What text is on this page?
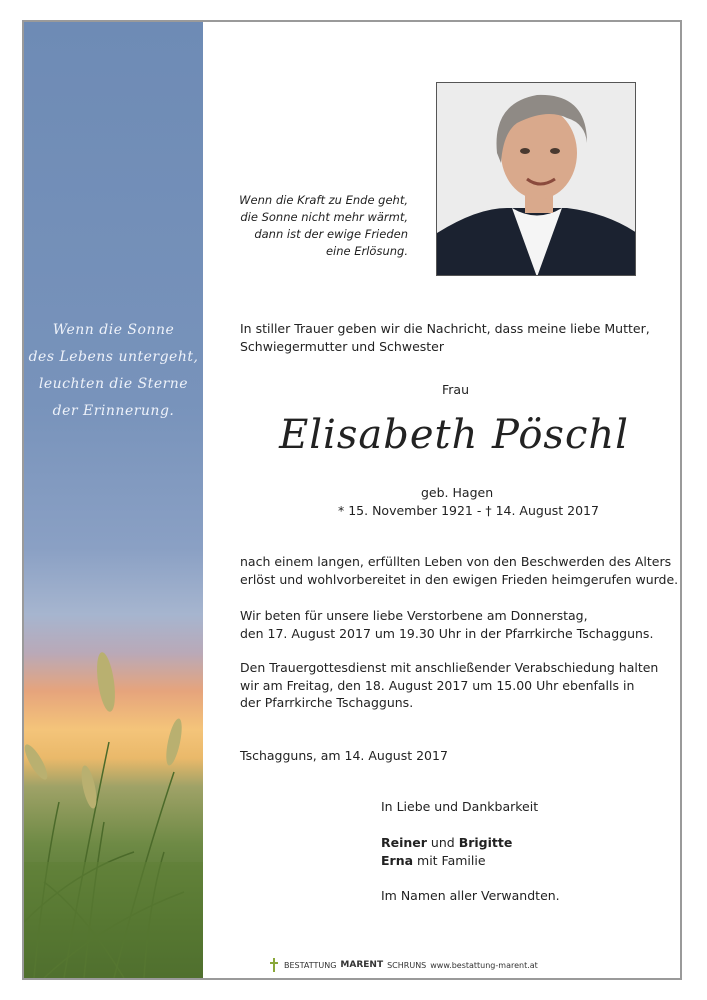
Wenn die Sonne
des Lebens untergeht,
leuchten die Sterne
der Erinnerung.
Wenn die Kraft zu Ende geht,
die Sonne nicht mehr wärmt,
dann ist der ewige Frieden
eine Erlösung.
In stiller Trauer geben wir die Nachricht, dass meine liebe Mutter,
Schwiegermutter und Schwester
Frau
Elisabeth Pöschl
geb. Hagen
* 15. November 1921 - † 14. August 2017
nach einem langen, erfüllten Leben von den Beschwerden des Alters
erlöst und wohlvorbereitet in den ewigen Frieden heimgerufen wurde.
Wir beten für unsere liebe Verstorbene am Donnerstag,
den 17. August 2017 um 19.30 Uhr in der Pfarrkirche Tschagguns.
Den Trauergottesdienst mit anschließender Verabschiedung halten
wir am Freitag, den 18. August 2017 um 15.00 Uhr ebenfalls in
der Pfarrkirche Tschagguns.
Tschagguns, am 14. August 2017
In Liebe und Dankbarkeit
Reiner und Brigitte
Erna mit Familie
Im Namen aller Verwandten.
BESTATTUNG MARENT SCHRUNS www.bestattung-marent.at
